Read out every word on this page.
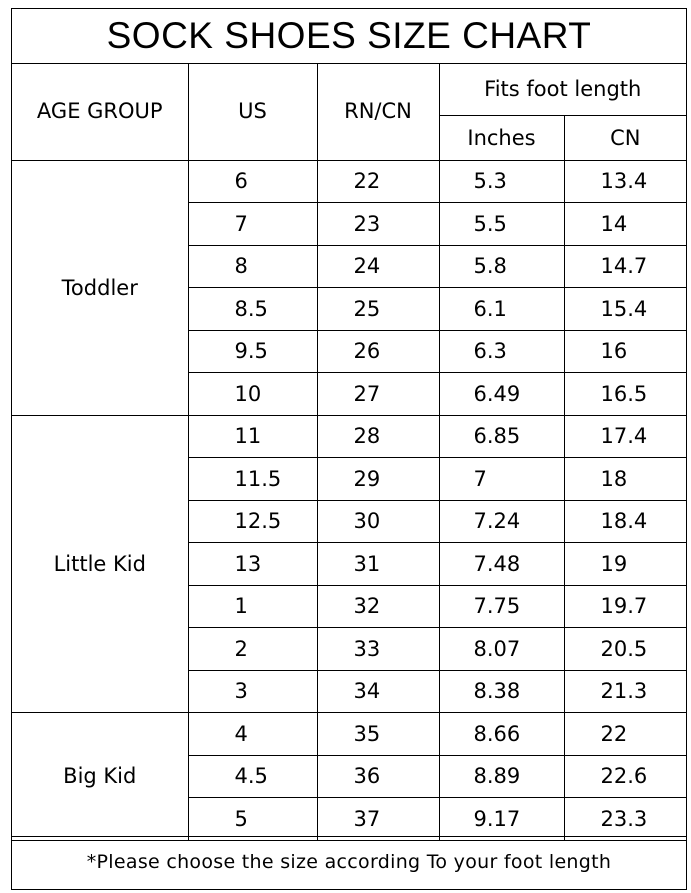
SOCK SHOES SIZE CHART
AGE GROUP	US	RN/CN	Fits foot length	
			Inches	CN
Toddler	6	22	5.3	13.4
	7	23	5.5	14
	8	24	5.8	14.7
	8.5	25	6.1	15.4
	9.5	26	6.3	16
	10	27	6.49	16.5
Little Kid	11	28	6.85	17.4
	11.5	29	7	18
	12.5	30	7.24	18.4
	13	31	7.48	19
	1	32	7.75	19.7
	2	33	8.07	20.5
	3	34	8.38	21.3
Big Kid	4	35	8.66	22
	4.5	36	8.89	22.6
	5	37	9.17	23.3
*Please choose the size according To your foot length
